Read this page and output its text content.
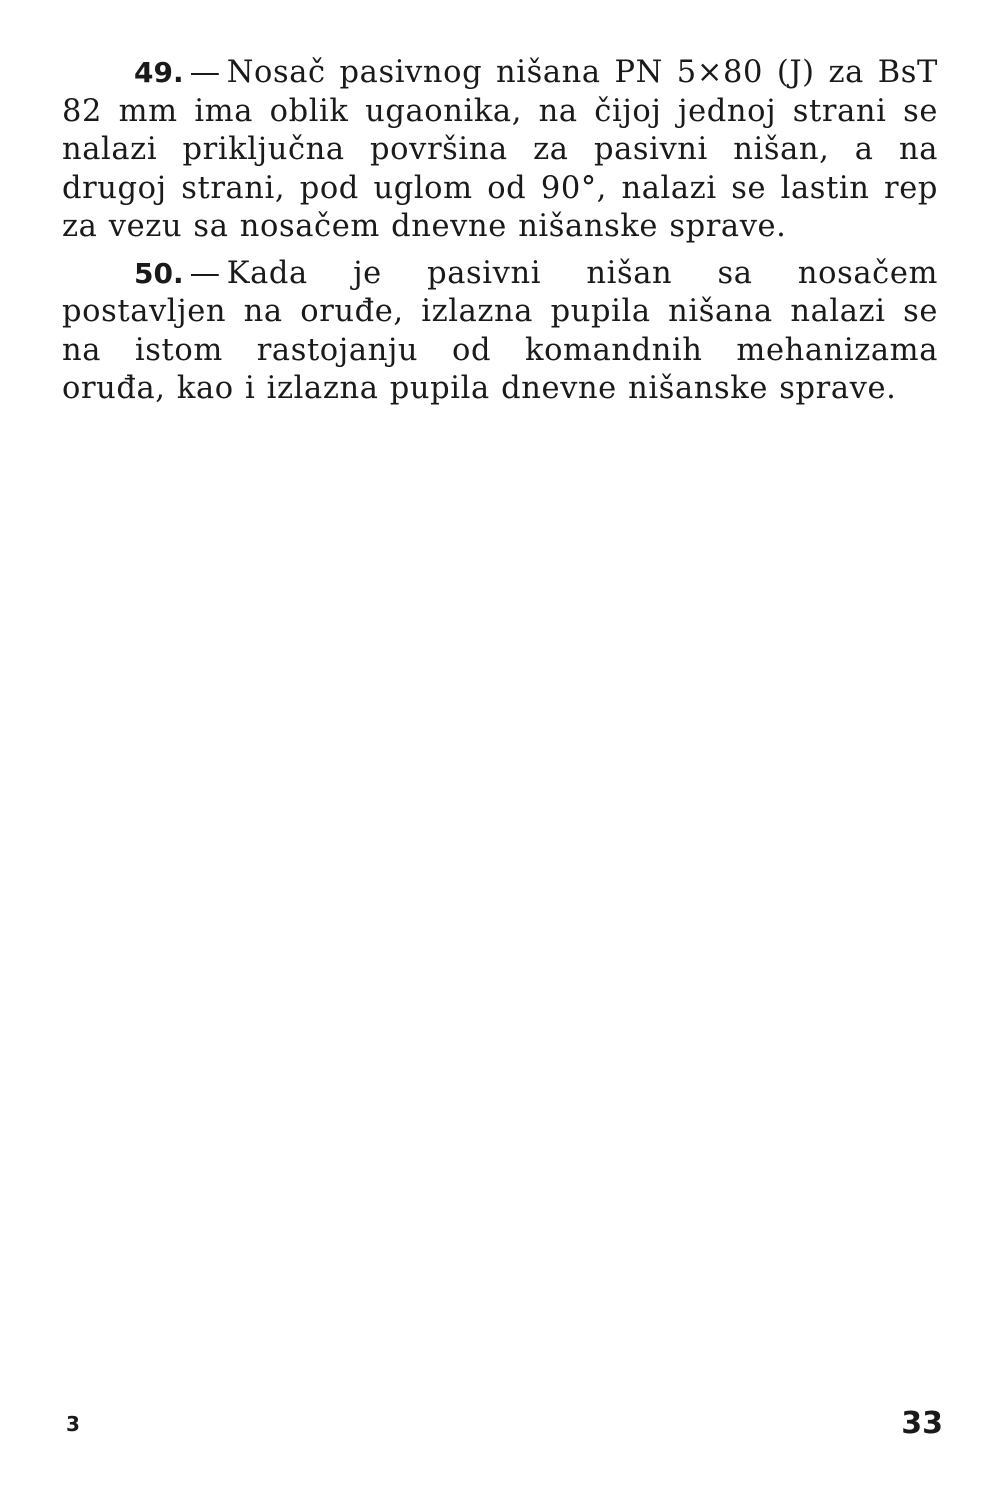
49. — Nosač pasivnog nišana PN 5×80 (J) za BsT 82 mm ima oblik ugaonika, na čijoj jednoj strani se nalazi priključna površina za pasivni nišan, a na drugoj strani, pod uglom od 90°, nalazi se lastin rep za vezu sa nosačem dnevne nišanske sprave.

50. — Kada je pasivni nišan sa nosačem postavljen na oruđe, izlazna pupila nišana nalazi se na istom rastojanju od komandnih mehanizama oruđa, kao i izlazna pupila dnevne nišanske sprave.

3	33
